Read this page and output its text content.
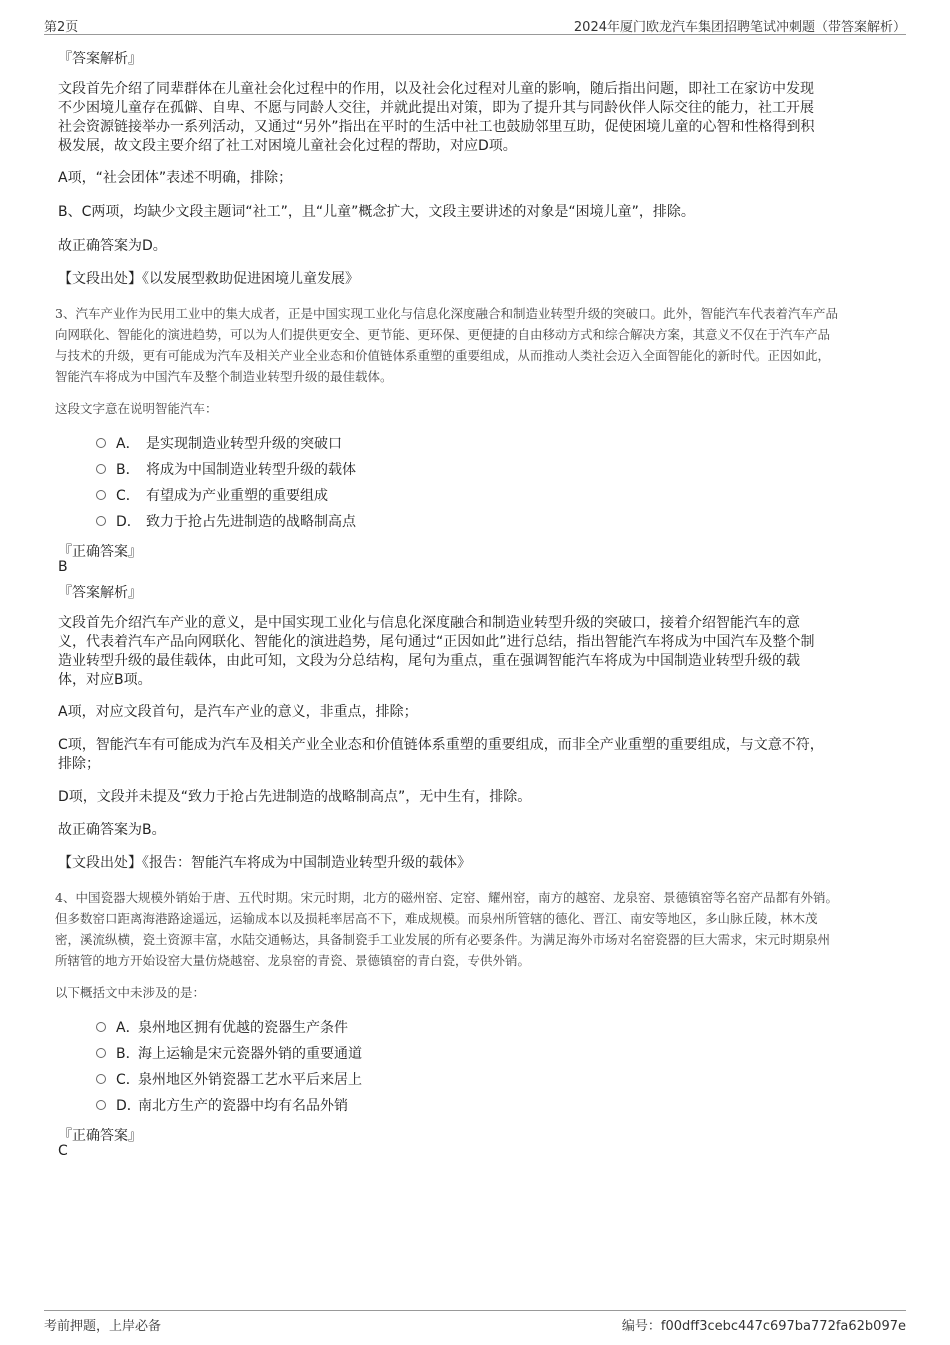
第2页	2024年厦门欧龙汽车集团招聘笔试冲刺题（带答案解析）
『答案解析』
文段首先介绍了同辈群体在儿童社会化过程中的作用，以及社会化过程对儿童的影响，随后指出问题，即社工在家访中发现
不少困境儿童存在孤僻、自卑、不愿与同龄人交往，并就此提出对策，即为了提升其与同龄伙伴人际交往的能力，社工开展
社会资源链接举办一系列活动，又通过“另外”指出在平时的生活中社工也鼓励邻里互助，促使困境儿童的心智和性格得到积
极发展，故文段主要介绍了社工对困境儿童社会化过程的帮助，对应D项。
A项，“社会团体”表述不明确，排除；
B、C两项，均缺少文段主题词“社工”，且“儿童”概念扩大，文段主要讲述的对象是“困境儿童”，排除。
故正确答案为D。
【文段出处】《以发展型救助促进困境儿童发展》
3、汽车产业作为民用工业中的集大成者，正是中国实现工业化与信息化深度融合和制造业转型升级的突破口。此外，智能汽车代表着汽车产品
向网联化、智能化的演进趋势，可以为人们提供更安全、更节能、更环保、更便捷的自由移动方式和综合解决方案，其意义不仅在于汽车产品
与技术的升级，更有可能成为汽车及相关产业全业态和价值链体系重塑的重要组成，从而推动人类社会迈入全面智能化的新时代。正因如此，
智能汽车将成为中国汽车及整个制造业转型升级的最佳载体。
这段文字意在说明智能汽车：
A． 是实现制造业转型升级的突破口
B． 将成为中国制造业转型升级的载体
C． 有望成为产业重塑的重要组成
D． 致力于抢占先进制造的战略制高点
『正确答案』
B
『答案解析』
文段首先介绍汽车产业的意义，是中国实现工业化与信息化深度融合和制造业转型升级的突破口，接着介绍智能汽车的意
义，代表着汽车产品向网联化、智能化的演进趋势，尾句通过“正因如此”进行总结，指出智能汽车将成为中国汽车及整个制
造业转型升级的最佳载体，由此可知，文段为分总结构，尾句为重点，重在强调智能汽车将成为中国制造业转型升级的载
体，对应B项。
A项，对应文段首句，是汽车产业的意义，非重点，排除；
C项，智能汽车有可能成为汽车及相关产业全业态和价值链体系重塑的重要组成，而非全产业重塑的重要组成，与文意不符，
排除；
D项，文段并未提及“致力于抢占先进制造的战略制高点”，无中生有，排除。
故正确答案为B。
【文段出处】《报告：智能汽车将成为中国制造业转型升级的载体》
4、中国瓷器大规模外销始于唐、五代时期。宋元时期，北方的磁州窑、定窑、耀州窑，南方的越窑、龙泉窑、景德镇窑等名窑产品都有外销。
但多数窑口距离海港路途遥远，运输成本以及损耗率居高不下，难成规模。而泉州所管辖的德化、晋江、南安等地区，多山脉丘陵，林木茂
密，溪流纵横，瓷土资源丰富，水陆交通畅达，具备制瓷手工业发展的所有必要条件。为满足海外市场对名窑瓷器的巨大需求，宋元时期泉州
所辖管的地方开始设窑大量仿烧越窑、龙泉窑的青瓷、景德镇窑的青白瓷，专供外销。
以下概括文中未涉及的是：
A．泉州地区拥有优越的瓷器生产条件
B．海上运输是宋元瓷器外销的重要通道
C．泉州地区外销瓷器工艺水平后来居上
D．南北方生产的瓷器中均有名品外销
『正确答案』
C
考前押题，上岸必备	编号：f00dff3cebc447c697ba772fa62b097e
